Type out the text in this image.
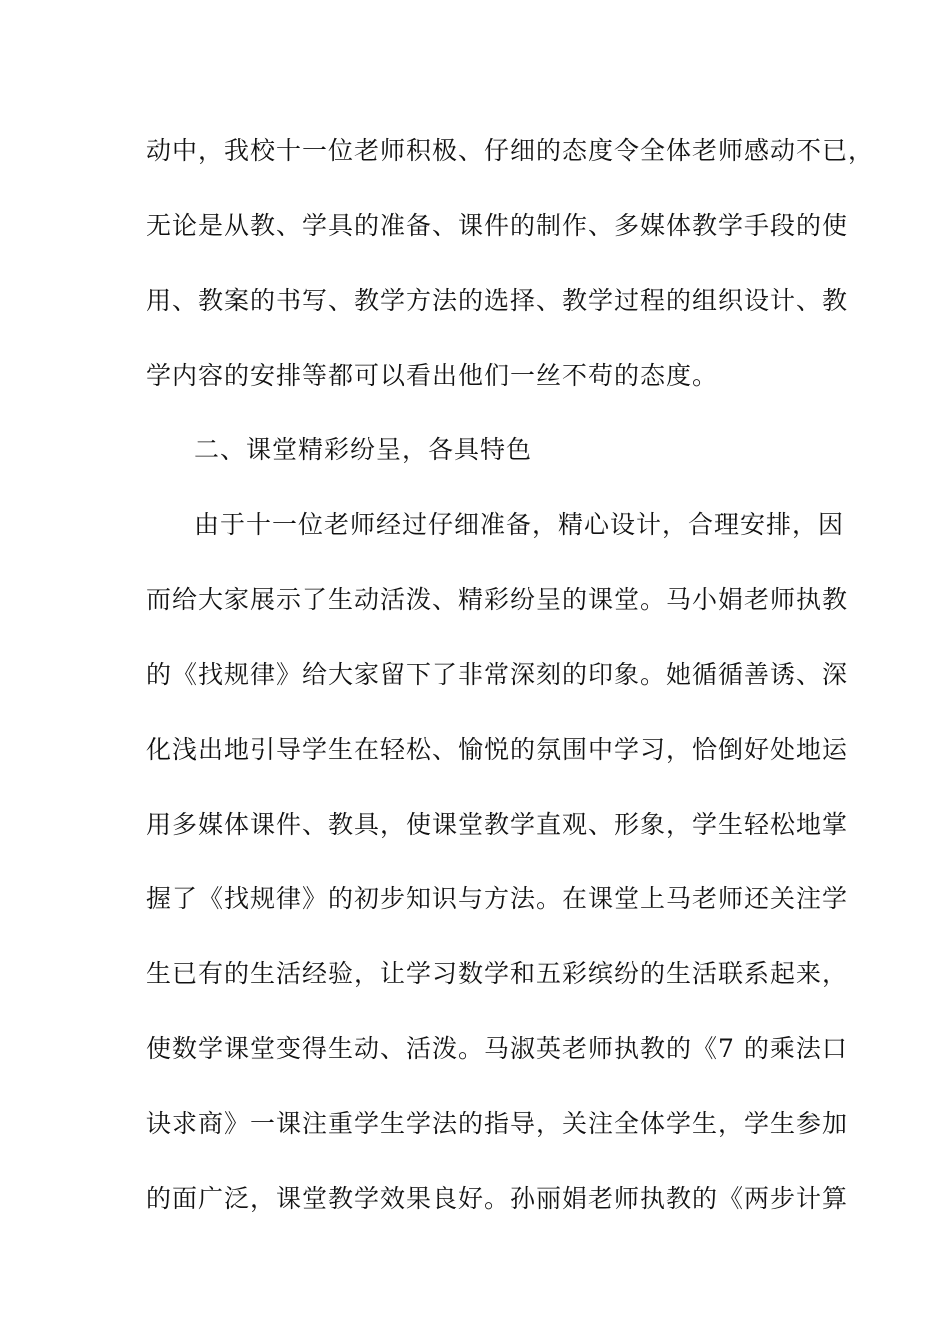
动中，我校十一位老师积极、仔细的态度令全体老师感动不已，
无论是从教、学具的准备、课件的制作、多媒体教学手段的使
用、教案的书写、教学方法的选择、教学过程的组织设计、教
学内容的安排等都可以看出他们一丝不苟的态度。
二、课堂精彩纷呈，各具特色
由于十一位老师经过仔细准备，精心设计，合理安排，因
而给大家展示了生动活泼、精彩纷呈的课堂。马小娟老师执教
的《找规律》给大家留下了非常深刻的印象。她循循善诱、深
化浅出地引导学生在轻松、愉悦的氛围中学习，恰倒好处地运
用多媒体课件、教具，使课堂教学直观、形象，学生轻松地掌
握了《找规律》的初步知识与方法。在课堂上马老师还关注学
生已有的生活经验，让学习数学和五彩缤纷的生活联系起来，
使数学课堂变得生动、活泼。马淑英老师执教的《7 的乘法口
诀求商》一课注重学生学法的指导，关注全体学生，学生参加
的面广泛，课堂教学效果良好。孙丽娟老师执教的《两步计算
